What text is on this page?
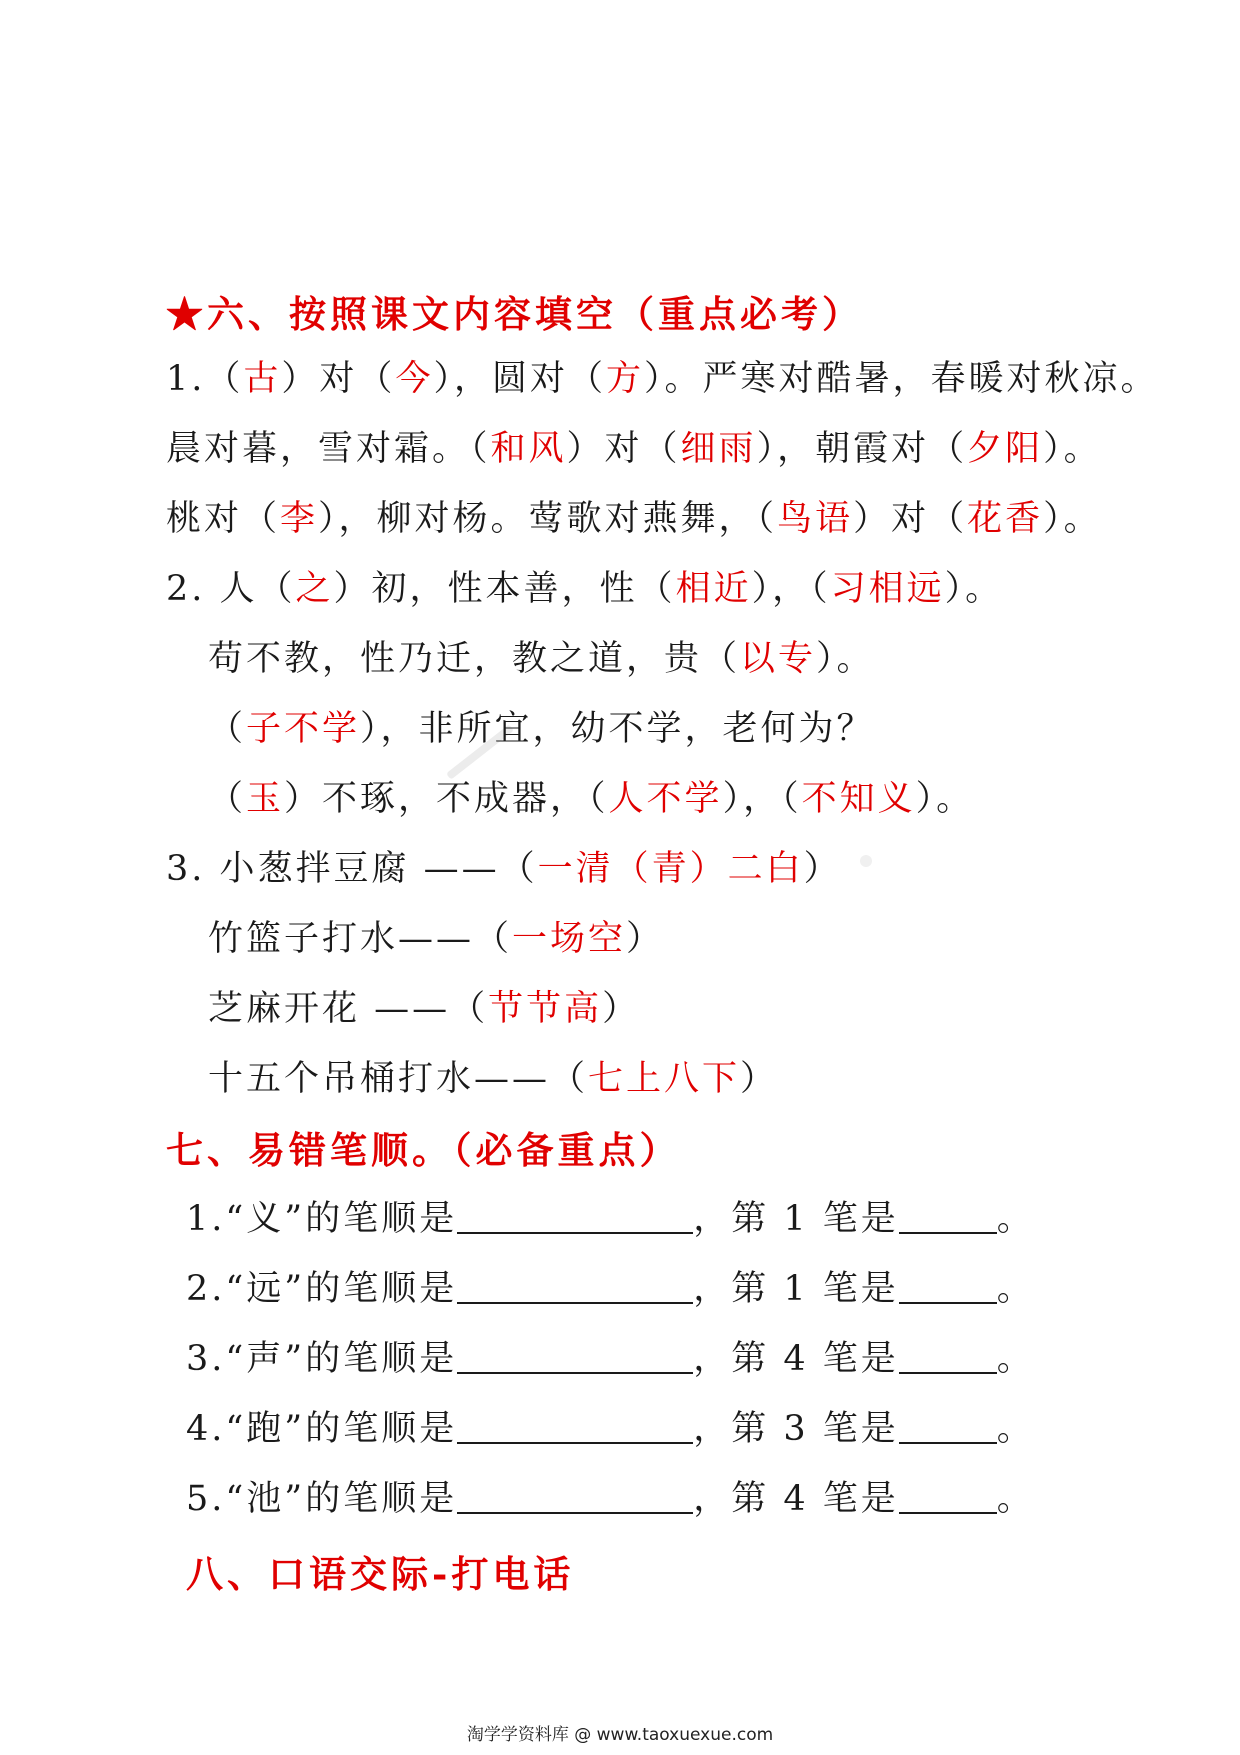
★六、按照课文内容填空（重点必考）
1.（古）对（今），圆对（方）。严寒对酷暑，春暖对秋凉。
晨对暮，雪对霜。（和风）对（细雨），朝霞对（夕阳）。
桃对（李），柳对杨。莺歌对燕舞，（鸟语）对（花香）。
2. 人（之）初，性本善，性（相近），（习相远）。
苟不教，性乃迁，教之道，贵（以专）。
（子不学），非所宜，幼不学，老何为？
（玉）不琢，不成器，（人不学），（不知义）。
3. 小葱拌豆腐 ——（一清（青）二白）
竹篮子打水——（一场空）
芝麻开花 ——（节节高）
十五个吊桶打水——（七上八下）
七、易错笔顺。（必备重点）
1.“义”的笔顺是	，第 1 笔是	。
2.“远”的笔顺是	，第 1 笔是	。
3.“声”的笔顺是	，第 4 笔是	。
4.“跑”的笔顺是	，第 3 笔是	。
5.“池”的笔顺是	，第 4 笔是	。
八、口语交际-打电话
淘学学资料库 @ www.taoxuexue.com
